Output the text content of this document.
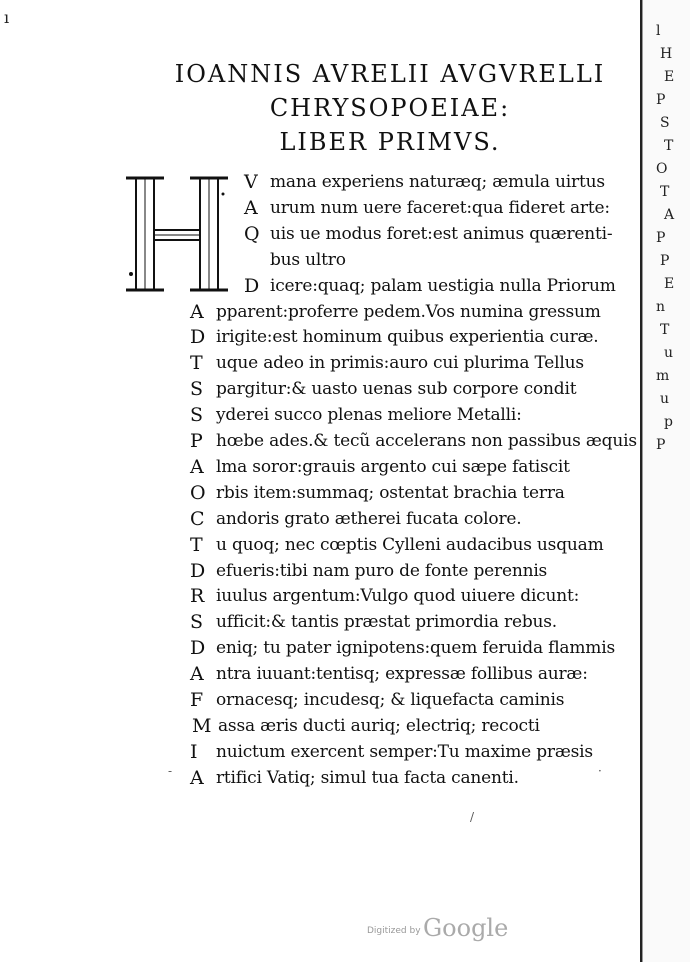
ı
l
H
E
P
S
T
O
T
A
P
P
E
n
T
u
m
u
p
P
IOANNIS AVRELII AVGVRELLI
CHRYSOPOEIAE:
LIBER PRIMVS.
V mana experiens naturæq; æmula uirtus
A urum num uere faceret:qua fideret arte:
Q uis ue modus foret:est animus quærenti-
bus ultro
D icere:quaq; palam uestigia nulla Priorum
A pparent:proferre pedem.Vos numina gressum
D irigite:est hominum quibus experientia curæ.
T uque adeo in primis:auro cui plurima Tellus
S pargitur:& uasto uenas sub corpore condit
S yderei succo plenas meliore Metalli:
P hœbe ades.& tecũ accelerans non passibus æquis
A lma soror:grauis argento cui sæpe fatiscit
O rbis item:summaq; ostentat brachia terra
C andoris grato ætherei fucata colore.
T u quoq; nec cœptis Cylleni audacibus usquam
D efueris:tibi nam puro de fonte perennis
R iuulus argentum:Vulgo quod uiuere dicunt:
S ufficit:& tantis præstat primordia rebus.
D eniq; tu pater ignipotens:quem feruida flammis
A ntra iuuant:tentisq; expressæ follibus auræ:
F ornacesq; incudesq; & liquefacta caminis
M assa æris ducti auriq; electriq; recocti
I nuictum exercent semper:Tu maxime præsis
A rtifici Vatiq; simul tua facta canenti.
-	·
/
Digitized by Google
